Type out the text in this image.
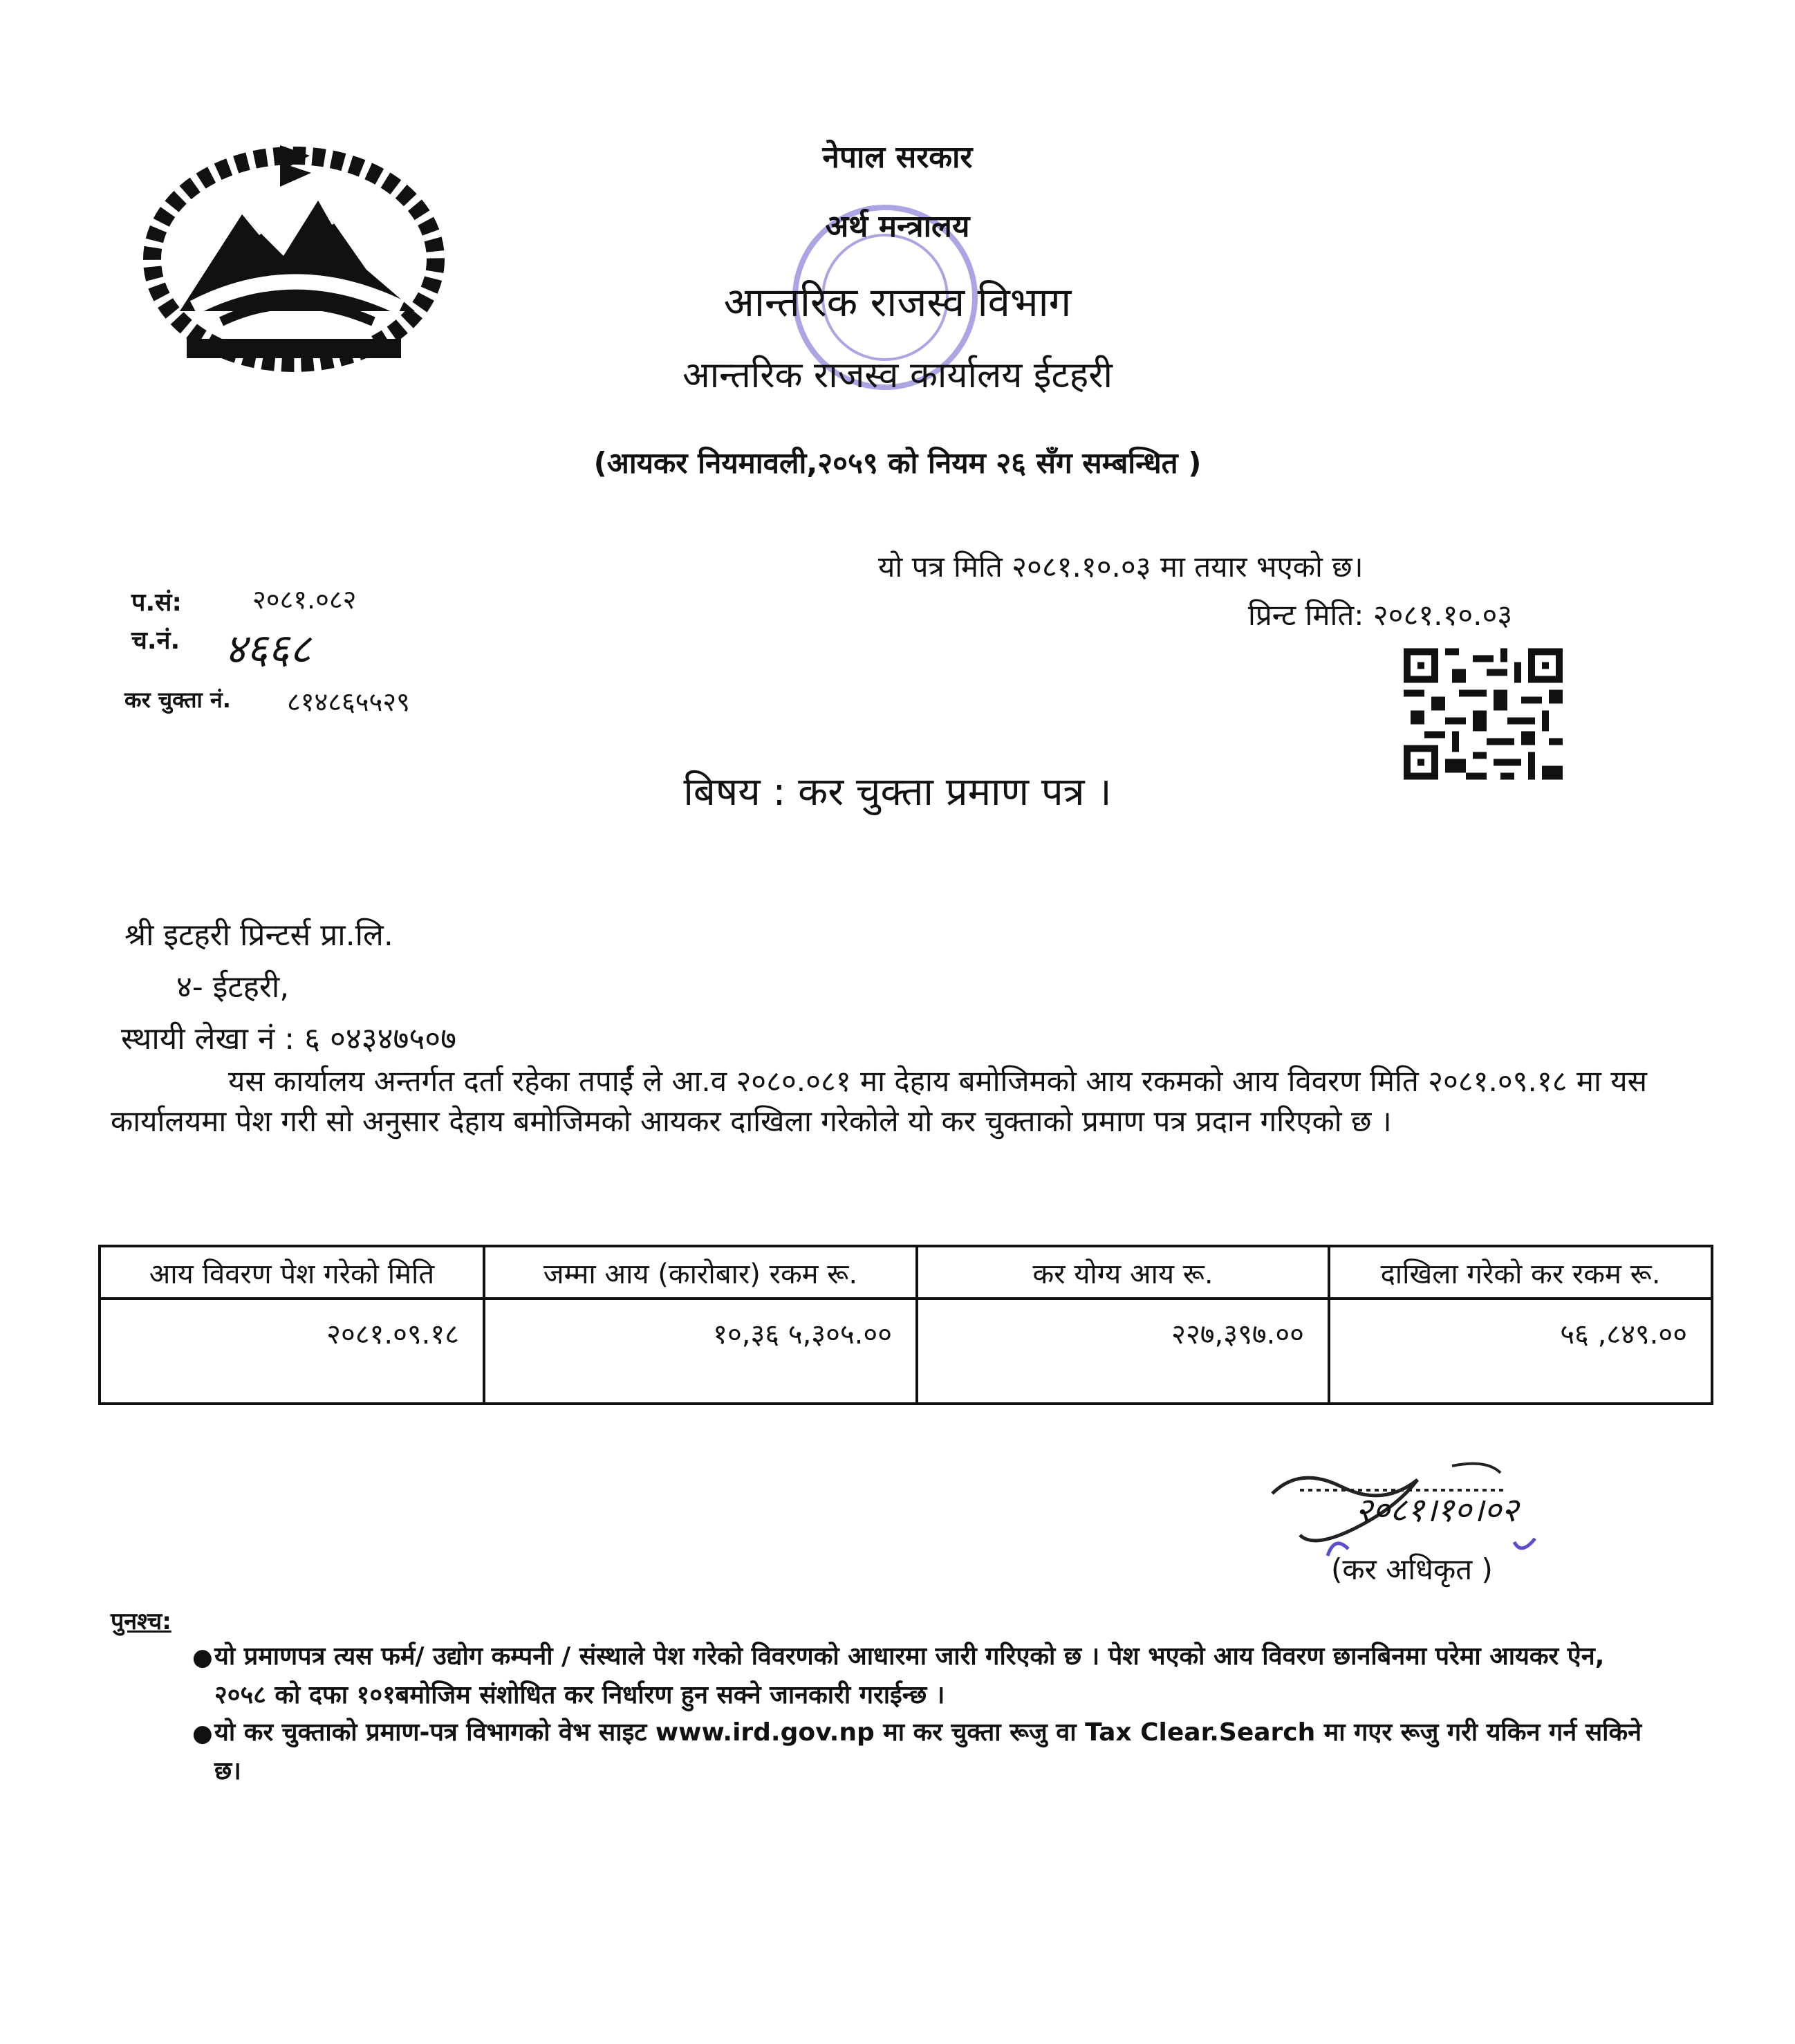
नेपाल सरकार
अर्थ मन्त्रालय
आन्तरिक राजस्व विभाग
आन्तरिक राजस्व कार्यालय ईटहरी
(आयकर नियमावली,२०५९ को नियम २६ सँग सम्बन्धित )
यो पत्र मिति २०८१.१०.०३ मा तयार भएको छ।
प्रिन्ट मिति: २०८१.१०.०३
प.सं:	२०८१.०८२
च.नं. ४६६८
कर चुक्ता नं. ८१४८६५५२९
बिषय : कर चुक्ता प्रमाण पत्र ।
श्री इटहरी प्रिन्टर्स प्रा.लि.
४- ईटहरी,
स्थायी लेखा नं : ६ ०४३४७५०७
यस कार्यालय अन्तर्गत दर्ता रहेका तपाईं ले आ.व २०८०.०८१ मा देहाय बमोजिमको आय रकमको आय विवरण मिति २०८१.०९.१८ मा यस कार्यालयमा पेश गरी सो अनुसार देहाय बमोजिमको आयकर दाखिला गरेकोले यो कर चुक्ताको प्रमाण पत्र प्रदान गरिएको छ ।
आय विवरण पेश गरेको मिति	जम्मा आय (कारोबार) रकम रू.	कर योग्य आय रू.	दाखिला गरेको कर रकम रू.
२०८१.०९.१८	१०,३६ ५,३०५.००	२२७,३९७.००	५६ ,८४९.००
२०८१।१०।०२
(कर अधिकृत )
पुनश्च:
● यो प्रमाणपत्र त्यस फर्म/ उद्योग कम्पनी / संस्थाले पेश गरेको विवरणको आधारमा जारी गरिएको छ । पेश भएको आय विवरण छानबिनमा परेमा आयकर ऐन, २०५८ को दफा १०१बमोजिम संशोधित कर निर्धारण हुन सक्ने जानकारी गराईन्छ ।
● यो कर चुक्ताको प्रमाण-पत्र विभागको वेभ साइट www.ird.gov.np मा कर चुक्ता रूजु वा Tax Clear.Search मा गएर रूजु गरी यकिन गर्न सकिने छ।
